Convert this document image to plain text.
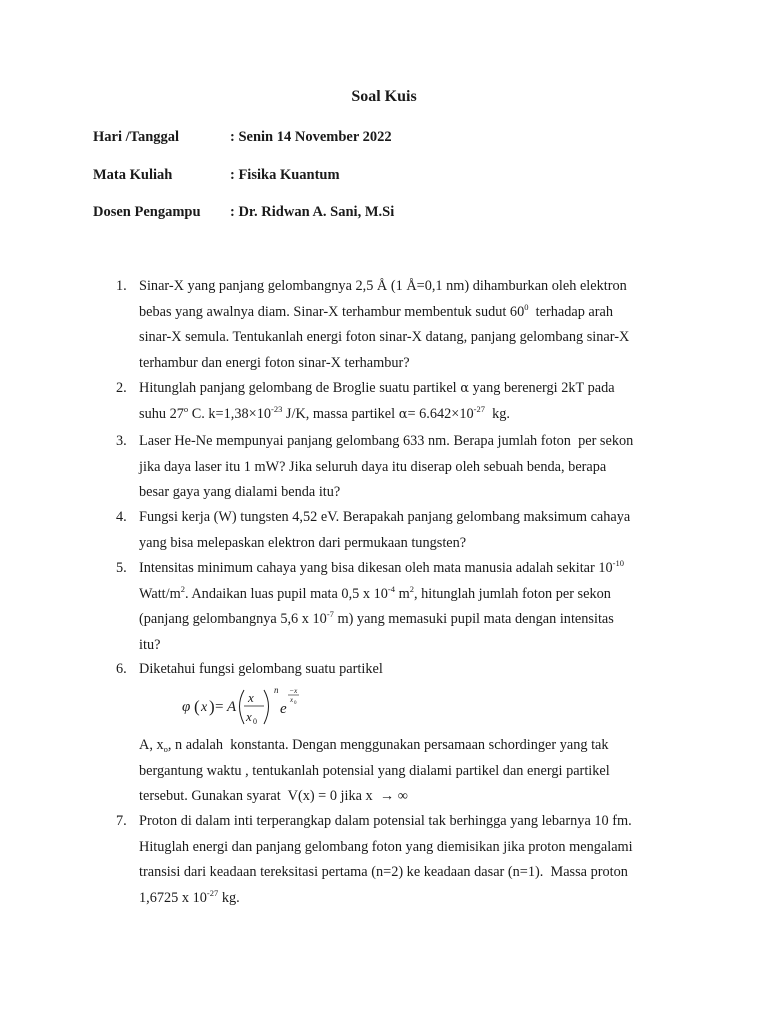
Soal Kuis
Hari /Tanggal	: Senin 14 November 2022
Mata Kuliah	: Fisika Kuantum
Dosen Pengampu : Dr. Ridwan A. Sani, M.Si
1. Sinar-X yang panjang gelombangnya 2,5 Å (1 Å=0,1 nm) dihamburkan oleh elektron
bebas yang awalnya diam. Sinar-X terhambur membentuk sudut $60^0$  terhadap arah
sinar-X semula. Tentukanlah energi foton sinar-X datang, panjang gelombang sinar-X
terhambur dan energi foton sinar-X terhambur?
2. Hitunglah panjang gelombang de Broglie suatu partikel α yang berenergi 2kT pada
suhu 27$^o$ C. $k=1,38\times 10^{-23}$ J/K, massa partikel $\alpha= 6.642\times 10^{-27}$  kg.
3. Laser He-Ne mempunyai panjang gelombang 633 nm. Berapa jumlah foton  per sekon
jika daya laser itu 1 mW? Jika seluruh daya itu diserap oleh sebuah benda, berapa
besar gaya yang dialami benda itu?
4. Fungsi kerja (W) tungsten 4,52 eV. Berapakah panjang gelombang maksimum cahaya
yang bisa melepaskan elektron dari permukaan tungsten?
5. Intensitas minimum cahaya yang bisa dikesan oleh mata manusia adalah sekitar $10^{-10}$
Watt/$m^2$. Andaikan luas pupil mata 0,5 x $10^{-4}$ $m^2$, hitunglah jumlah foton per sekon
(panjang gelombangnya 5,6 x $10^{-7}$ m) yang memasuki pupil mata dengan intensitas
itu?
6. Diketahui fungsi gelombang suatu partikel
φ ( x ) = A
x
x 0
n
e
−x
x 0
A, $x_o$, n adalah  konstanta. Dengan menggunakan persamaan schordinger yang tak
bergantung waktu , tentukanlah potensial yang dialami partikel dan energi partikel
tersebut. Gunakan syarat  V(x) = 0 jika x  → ∞
7. Proton di dalam inti terperangkap dalam potensial tak berhingga yang lebarnya 10 fm.
Hituglah energi dan panjang gelombang foton yang diemisikan jika proton mengalami
transisi dari keadaan tereksitasi pertama (n=2) ke keadaan dasar (n=1).  Massa proton
1,6725 x $10^{-27}$ kg.
